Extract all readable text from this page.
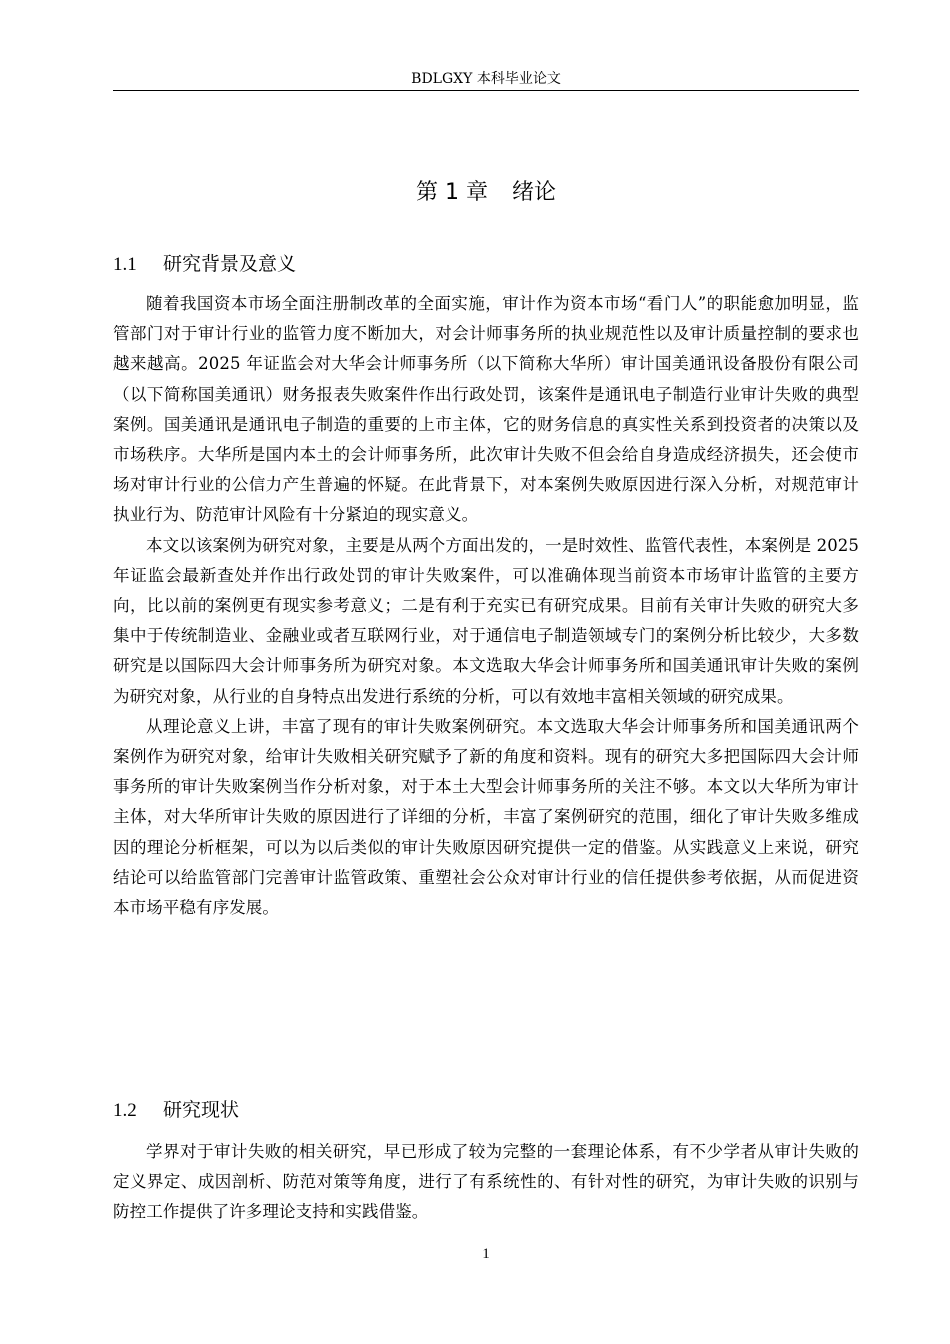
BDLGXY 本科毕业论文
第 1 章 绪论
1.1 研究背景及意义

随着我国资本市场全面注册制改革的全面实施，审计作为资本市场“看门人”的职能愈加明显，监管部门对于审计行业的监管力度不断加大，对会计师事务所的执业规范性以及审计质量控制的要求也越来越高。2025 年证监会对大华会计师事务所（以下简称大华所）审计国美通讯设备股份有限公司（以下简称国美通讯）财务报表失败案件作出行政处罚，该案件是通讯电子制造行业审计失败的典型案例。国美通讯是通讯电子制造的重要的上市主体，它的财务信息的真实性关系到投资者的决策以及市场秩序。大华所是国内本土的会计师事务所，此次审计失败不但会给自身造成经济损失，还会使市场对审计行业的公信力产生普遍的怀疑。在此背景下，对本案例失败原因进行深入分析，对规范审计执业行为、防范审计风险有十分紧迫的现实意义。

本文以该案例为研究对象，主要是从两个方面出发的，一是时效性、监管代表性，本案例是 2025 年证监会最新查处并作出行政处罚的审计失败案件，可以准确体现当前资本市场审计监管的主要方向，比以前的案例更有现实参考意义；二是有利于充实已有研究成果。目前有关审计失败的研究大多集中于传统制造业、金融业或者互联网行业，对于通信电子制造领域专门的案例分析比较少，大多数研究是以国际四大会计师事务所为研究对象。本文选取大华会计师事务所和国美通讯审计失败的案例为研究对象，从行业的自身特点出发进行系统的分析，可以有效地丰富相关领域的研究成果。

从理论意义上讲，丰富了现有的审计失败案例研究。本文选取大华会计师事务所和国美通讯两个案例作为研究对象，给审计失败相关研究赋予了新的角度和资料。现有的研究大多把国际四大会计师事务所的审计失败案例当作分析对象，对于本土大型会计师事务所的关注不够。本文以大华所为审计主体，对大华所审计失败的原因进行了详细的分析，丰富了案例研究的范围，细化了审计失败多维成因的理论分析框架，可以为以后类似的审计失败原因研究提供一定的借鉴。从实践意义上来说，研究结论可以给监管部门完善审计监管政策、重塑社会公众对审计行业的信任提供参考依据，从而促进资本市场平稳有序发展。

1.2 研究现状

学界对于审计失败的相关研究，早已形成了较为完整的一套理论体系，有不少学者从审计失败的定义界定、成因剖析、防范对策等角度，进行了有系统性的、有针对性的研究，为审计失败的识别与防控工作提供了许多理论支持和实践借鉴。

1
